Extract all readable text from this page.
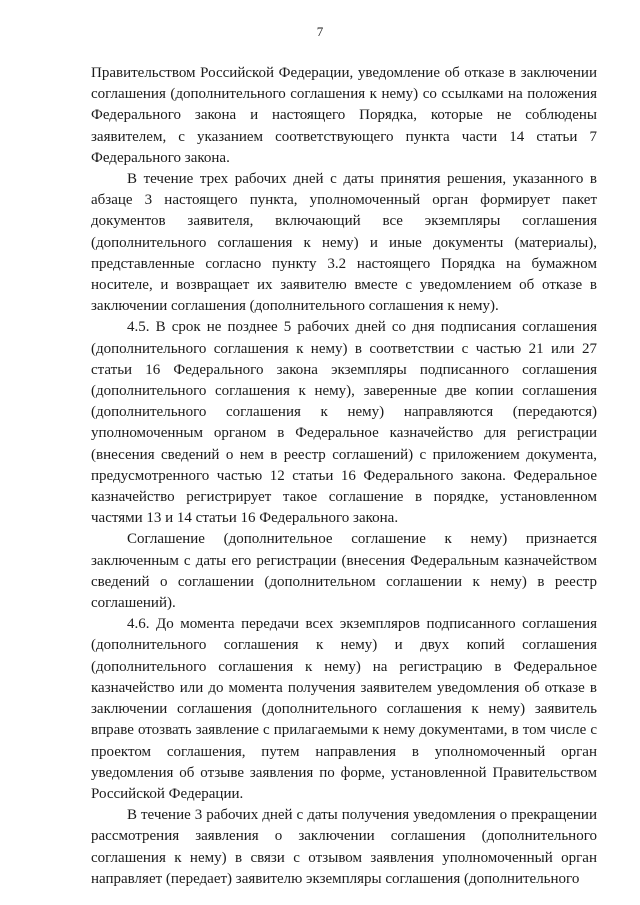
7

Правительством Российской Федерации, уведомление об отказе в заключении соглашения (дополнительного соглашения к нему) со ссылками на положения Федерального закона и настоящего Порядка, которые не соблюдены заявителем, с указанием соответствующего пункта части 14 статьи 7 Федерального закона.

В течение трех рабочих дней с даты принятия решения, указанного в абзаце 3 настоящего пункта, уполномоченный орган формирует пакет документов заявителя, включающий все экземпляры соглашения (дополнительного соглашения к нему) и иные документы (материалы), представленные согласно пункту 3.2 настоящего Порядка на бумажном носителе, и возвращает их заявителю вместе с уведомлением об отказе в заключении соглашения (дополнительного соглашения к нему).

4.5. В срок не позднее 5 рабочих дней со дня подписания соглашения (дополнительного соглашения к нему) в соответствии с частью 21 или 27 статьи 16 Федерального закона экземпляры подписанного соглашения (дополнительного соглашения к нему), заверенные две копии соглашения (дополнительного соглашения к нему) направляются (передаются) уполномоченным органом в Федеральное казначейство для регистрации (внесения сведений о нем в реестр соглашений) с приложением документа, предусмотренного частью 12 статьи 16 Федерального закона. Федеральное казначейство регистрирует такое соглашение в порядке, установленном частями 13 и 14 статьи 16 Федерального закона.

Соглашение (дополнительное соглашение к нему) признается заключенным с даты его регистрации (внесения Федеральным казначейством сведений о соглашении (дополнительном соглашении к нему) в реестр соглашений).

4.6. До момента передачи всех экземпляров подписанного соглашения (дополнительного соглашения к нему) и двух копий соглашения (дополнительного соглашения к нему) на регистрацию в Федеральное казначейство или до момента получения заявителем уведомления об отказе в заключении соглашения (дополнительного соглашения к нему) заявитель вправе отозвать заявление с прилагаемыми к нему документами, в том числе с проектом соглашения, путем направления в уполномоченный орган уведомления об отзыве заявления по форме, установленной Правительством Российской Федерации.

В течение 3 рабочих дней с даты получения уведомления о прекращении рассмотрения заявления о заключении соглашения (дополнительного соглашения к нему) в связи с отзывом заявления уполномоченный орган направляет (передает) заявителю экземпляры соглашения (дополнительного
